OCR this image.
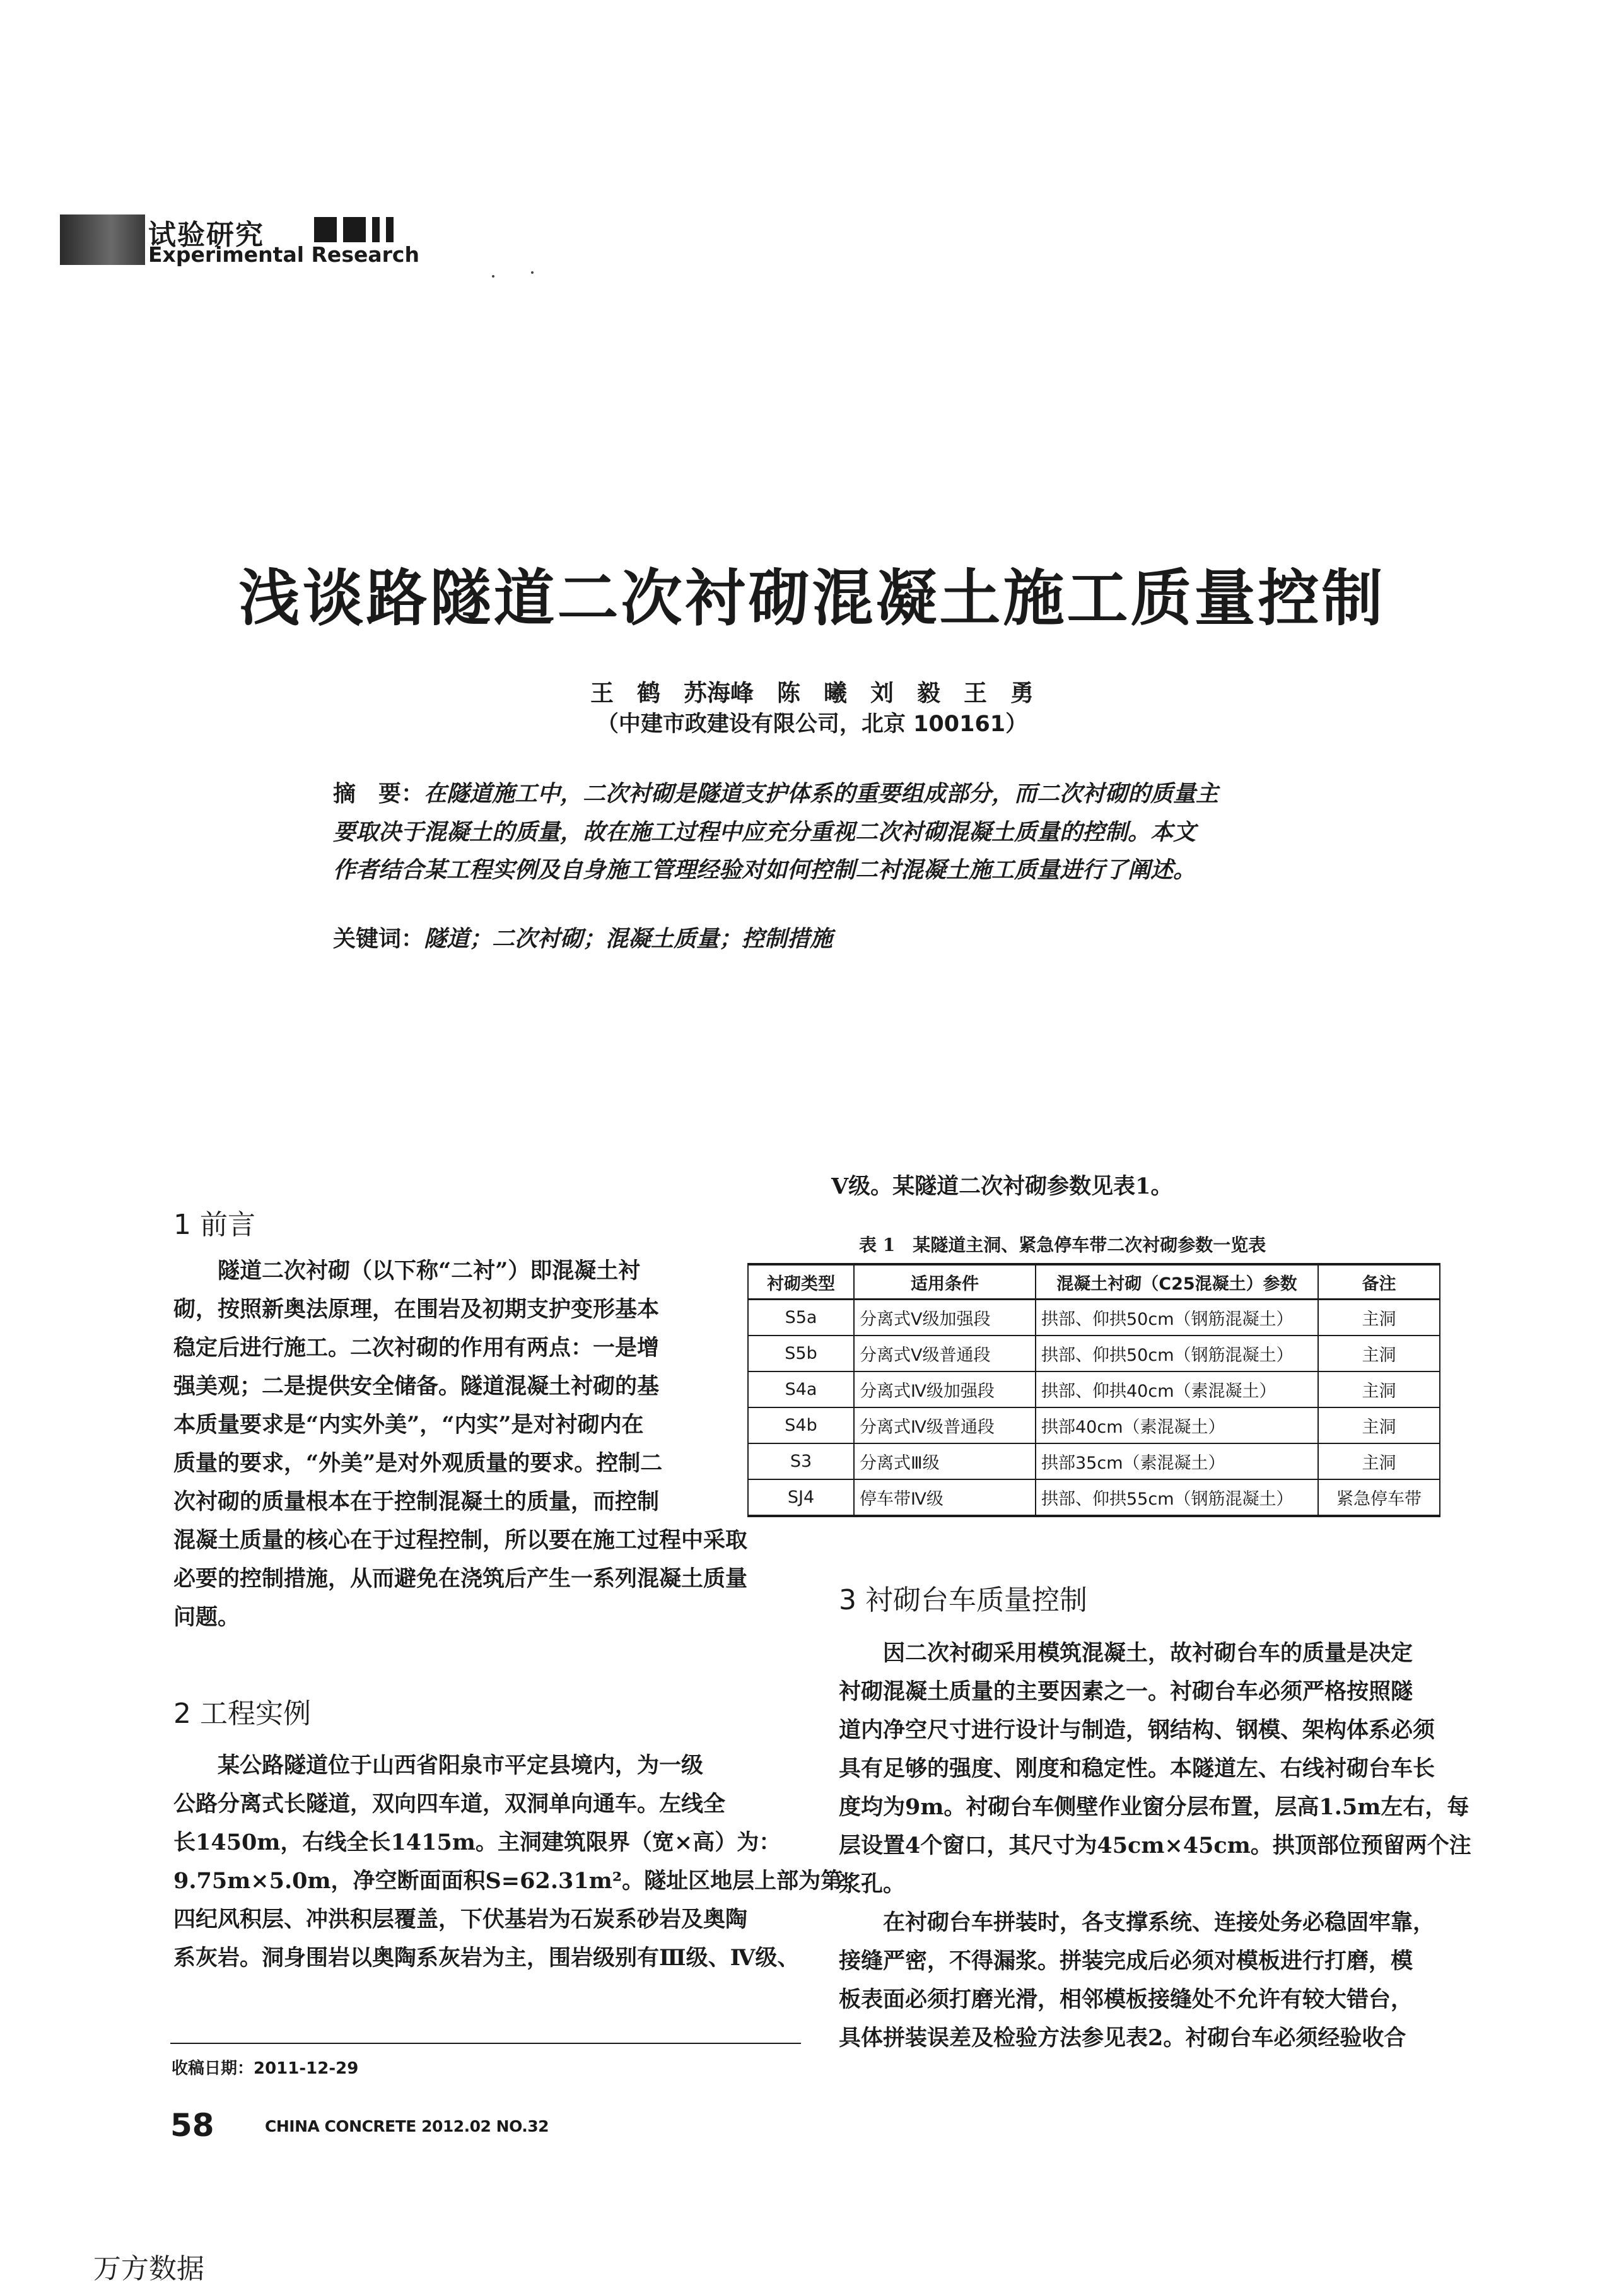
试验研究
Experimental Research
浅谈路隧道二次衬砌混凝土施工质量控制
王　鹤　苏海峰　陈　曦　刘　毅　王　勇
（中建市政建设有限公司，北京 100161）

摘　要：在隧道施工中，二次衬砌是隧道支护体系的重要组成部分，而二次衬砌的质量主

要取决于混凝土的质量，故在施工过程中应充分重视二次衬砌混凝土质量的控制。本文

作者结合某工程实例及自身施工管理经验对如何控制二衬混凝土施工质量进行了阐述。

关键词：隧道；二次衬砌；混凝土质量；控制措施
1 前言
　　隧道二次衬砌（以下称“二衬”）即混凝土衬
砌，按照新奥法原理，在围岩及初期支护变形基本
稳定后进行施工。二次衬砌的作用有两点：一是增
强美观；二是提供安全储备。隧道混凝土衬砌的基
本质量要求是“内实外美”，“内实”是对衬砌内在
质量的要求，“外美”是对外观质量的要求。控制二
次衬砌的质量根本在于控制混凝土的质量，而控制
混凝土质量的核心在于过程控制，所以要在施工过程中采取
必要的控制措施，从而避免在浇筑后产生一系列混凝土质量
问题。
2 工程实例
　　某公路隧道位于山西省阳泉市平定县境内，为一级
公路分离式长隧道，双向四车道，双洞单向通车。左线全
长1450m，右线全长1415m。主洞建筑限界（宽×高）为：
9.75m×5.0m，净空断面面积S=62.31m²。隧址区地层上部为第
四纪风积层、冲洪积层覆盖，下伏基岩为石炭系砂岩及奥陶
系灰岩。洞身围岩以奥陶系灰岩为主，围岩级别有Ⅲ级、Ⅳ级、
Ⅴ级。某隧道二次衬砌参数见表1。
表 1　某隧道主洞、紧急停车带二次衬砌参数一览表
衬砌类型	适用条件	混凝土衬砌（C25混凝土）参数	备注
S5a	分离式Ⅴ级加强段	拱部、仰拱50cm（钢筋混凝土）	主洞
S5b	分离式Ⅴ级普通段	拱部、仰拱50cm（钢筋混凝土）	主洞
S4a	分离式Ⅳ级加强段	拱部、仰拱40cm（素混凝土）	主洞
S4b	分离式Ⅳ级普通段	拱部40cm（素混凝土）	主洞
S3	分离式Ⅲ级	拱部35cm（素混凝土）	主洞
SJ4	停车带Ⅳ级	拱部、仰拱55cm（钢筋混凝土）	紧急停车带
3 衬砌台车质量控制
　　因二次衬砌采用模筑混凝土，故衬砌台车的质量是决定
衬砌混凝土质量的主要因素之一。衬砌台车必须严格按照隧
道内净空尺寸进行设计与制造，钢结构、钢模、架构体系必须
具有足够的强度、刚度和稳定性。本隧道左、右线衬砌台车长
度均为9m。衬砌台车侧壁作业窗分层布置，层高1.5m左右，每
层设置4个窗口，其尺寸为45cm×45cm。拱顶部位预留两个注
浆孔。
　　在衬砌台车拼装时，各支撑系统、连接处务必稳固牢靠，
接缝严密，不得漏浆。拼装完成后必须对模板进行打磨，模
板表面必须打磨光滑，相邻模板接缝处不允许有较大错台，
具体拼装误差及检验方法参见表2。衬砌台车必须经验收合
收稿日期：2011-12-29
58	CHINA CONCRETE 2012.02 NO.32
万方数据
